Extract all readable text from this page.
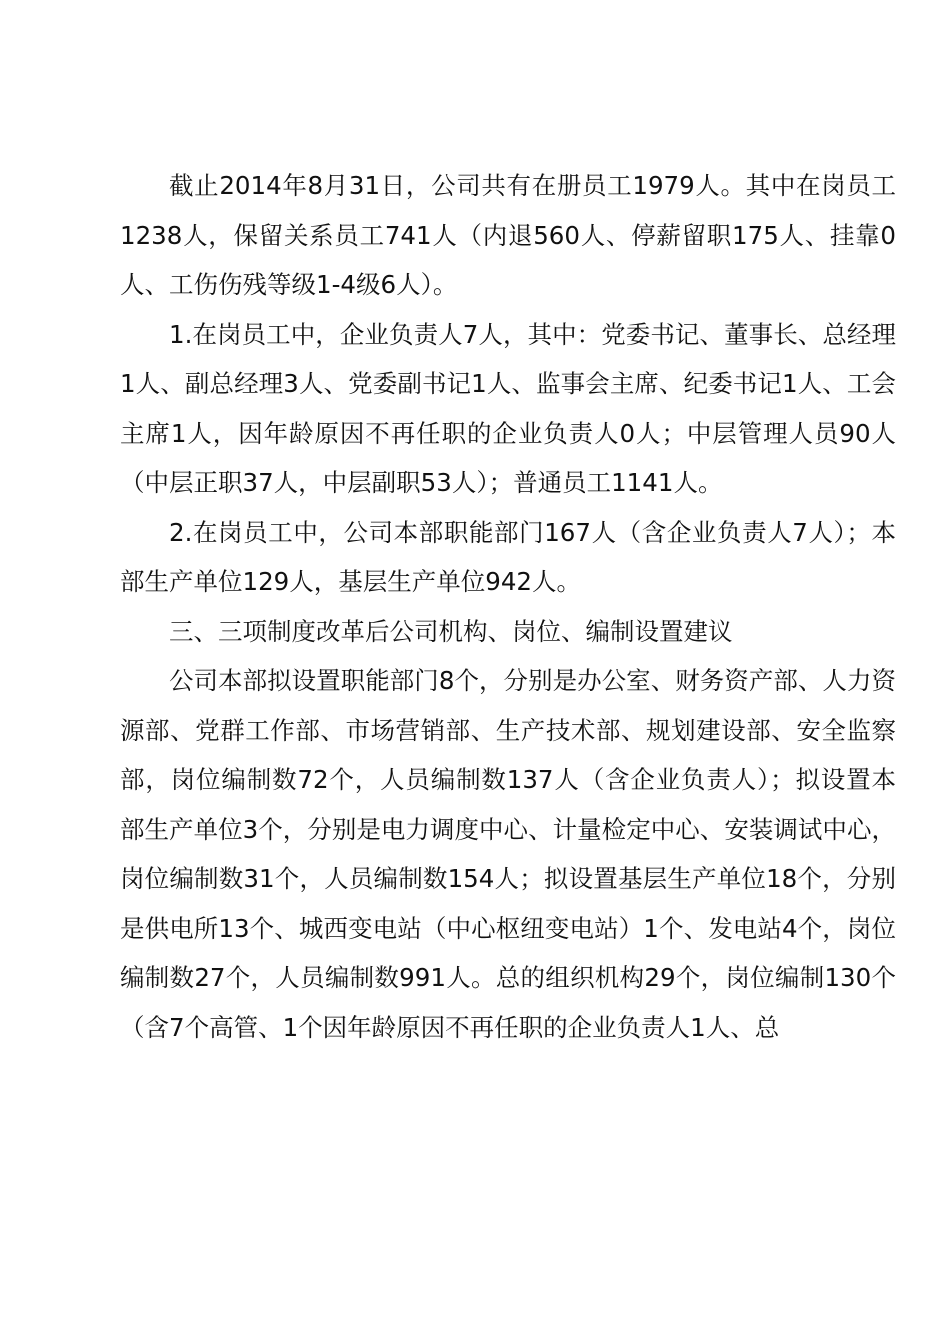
截止2014年8月31日，公司共有在册员工1979人。其中在岗员工1238人，保留关系员工741人（内退560人、停薪留职175人、挂靠0人、工伤伤残等级1-4级6人）。

1.在岗员工中，企业负责人7人，其中：党委书记、董事长、总经理1人、副总经理3人、党委副书记1人、监事会主席、纪委书记1人、工会主席1人，因年龄原因不再任职的企业负责人0人；中层管理人员90人（中层正职37人，中层副职53人）；普通员工1141人。

2.在岗员工中，公司本部职能部门167人（含企业负责人7人）；本部生产单位129人，基层生产单位942人。

三、三项制度改革后公司机构、岗位、编制设置建议

公司本部拟设置职能部门8个，分别是办公室、财务资产部、人力资源部、党群工作部、市场营销部、生产技术部、规划建设部、安全监察部，岗位编制数72个，人员编制数137人（含企业负责人）；拟设置本部生产单位3个，分别是电力调度中心、计量检定中心、安装调试中心，岗位编制数31个，人员编制数154人；拟设置基层生产单位18个，分别是供电所13个、城西变电站（中心枢纽变电站）1个、发电站4个，岗位编制数27个，人员编制数991人。总的组织机构29个，岗位编制130个（含7个高管、1个因年龄原因不再任职的企业负责人1人、总
